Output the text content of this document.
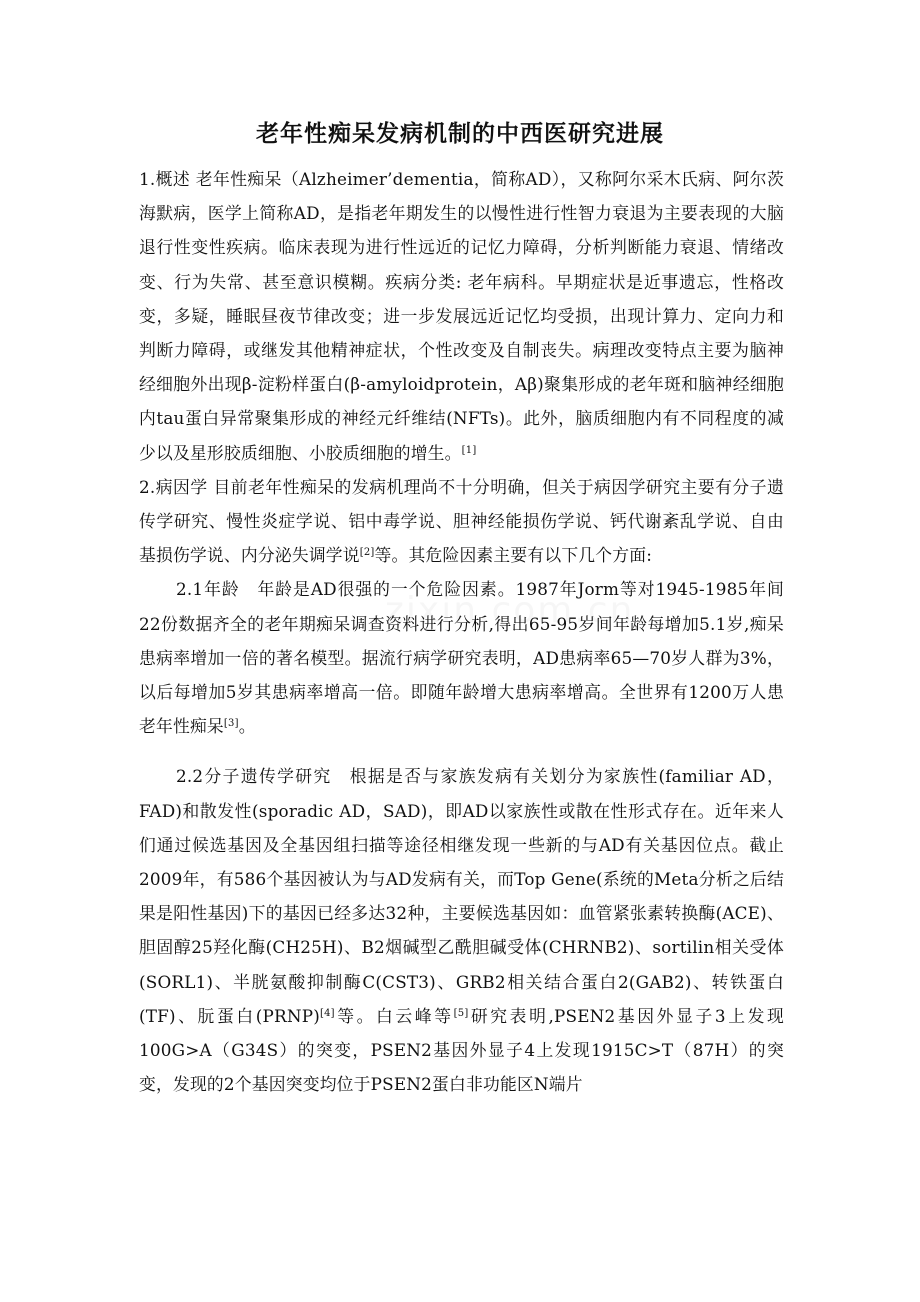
老年性痴呆发病机制的中西医研究进展

1.概述 老年性痴呆（Alzheimer’dementia，简称AD），又称阿尔采木氏病、阿尔茨海默病，医学上简称AD，是指老年期发生的以慢性进行性智力衰退为主要表现的大脑退行性变性疾病。临床表现为进行性远近的记忆力障碍，分析判断能力衰退、情绪改变、行为失常、甚至意识模糊。疾病分类: 老年病科。早期症状是近事遗忘，性格改变，多疑，睡眠昼夜节律改变；进一步发展远近记忆均受损，出现计算力、定向力和判断力障碍，或继发其他精神症状，个性改变及自制丧失。病理改变特点主要为脑神经细胞外出现β-淀粉样蛋白(β-amyloidprotein，Aβ)聚集形成的老年斑和脑神经细胞内tau蛋白异常聚集形成的神经元纤维结(NFTs)。此外，脑质细胞内有不同程度的减少以及星形胶质细胞、小胶质细胞的增生。[1]

2.病因学 目前老年性痴呆的发病机理尚不十分明确，但关于病因学研究主要有分子遗传学研究、慢性炎症学说、铝中毒学说、胆神经能损伤学说、钙代谢紊乱学说、自由基损伤学说、内分泌失调学说[2]等。其危险因素主要有以下几个方面:

2.1年龄　年龄是AD很强的一个危险因素。1987年Jorm等对1945-1985年间22份数据齐全的老年期痴呆调查资料进行分析,得出65-95岁间年龄每增加5.1岁,痴呆患病率增加一倍的著名模型。据流行病学研究表明，AD患病率65—70岁人群为3%，以后每增加5岁其患病率增高一倍。即随年龄增大患病率增高。全世界有1200万人患老年性痴呆[3]。

2.2分子遗传学研究　根据是否与家族发病有关划分为家族性(familiar AD，FAD)和散发性(sporadic AD，SAD)，即AD以家族性或散在性形式存在。近年来人们通过候选基因及全基因组扫描等途径相继发现一些新的与AD有关基因位点。截止2009年，有586个基因被认为与AD发病有关，而Top Gene(系统的Meta分析之后结果是阳性基因)下的基因已经多达32种，主要候选基因如：血管紧张素转换酶(ACE)、胆固醇25羟化酶(CH25H)、B2烟碱型乙酰胆碱受体(CHRNB2)、sortilin相关受体(SORL1)、半胱氨酸抑制酶C(CST3)、GRB2相关结合蛋白2(GAB2)、转铁蛋白(TF)、朊蛋白(PRNP)[4]等。白云峰等[5]研究表明,PSEN2基因外显子3上发现100G>A（G34S）的突变，PSEN2基因外显子4上发现1915C>T（87H）的突变，发现的2个基因突变均位于PSEN2蛋白非功能区N端片
